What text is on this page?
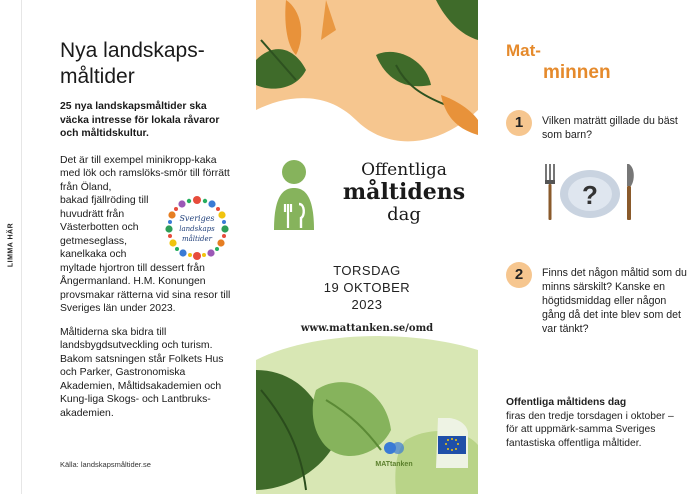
LIMMA HÄR
Nya landskaps-
måltider

25 nya landskapsmåltider ska väcka intresse för lokala råvaror och måltidskultur.

Det är till exempel minikropp-kaka med lök och ramslöks-smör till förrätt från Öland,
bakad fjällröding till huvudrätt från Västerbotten och getmeseglass, kanelkaka och
myltade hjortron till dessert från Ångermanland. H.M. Konungen provsmakar rätterna vid sina resor till Sveriges län under 2023.

Måltiderna ska bidra till landsbygdsutveckling och turism. Bakom satsningen står Folkets Hus och Parker, Gastronomiska Akademien, Måltidsakademien och Kung-liga Skogs- och Lantbruks-akademien.

Källa: landskapsmåltider.se
Sveriges
landskaps
måltider
Offentliga
måltidens
dag
TORSDAG
19 OKTOBER
2023
www.mattanken.se/omd
MATtanken
Mat-
minnen
1	Vilken maträtt gillade du bäst som barn?
?
2	Finns det någon måltid som du minns särskilt? Kanske en högtidsmiddag eller någon gång då det inte blev som det var tänkt?
Offentliga måltidens dag
firas den tredje torsdagen i oktober – för att uppmärk-samma Sveriges fantastiska offentliga måltider.
